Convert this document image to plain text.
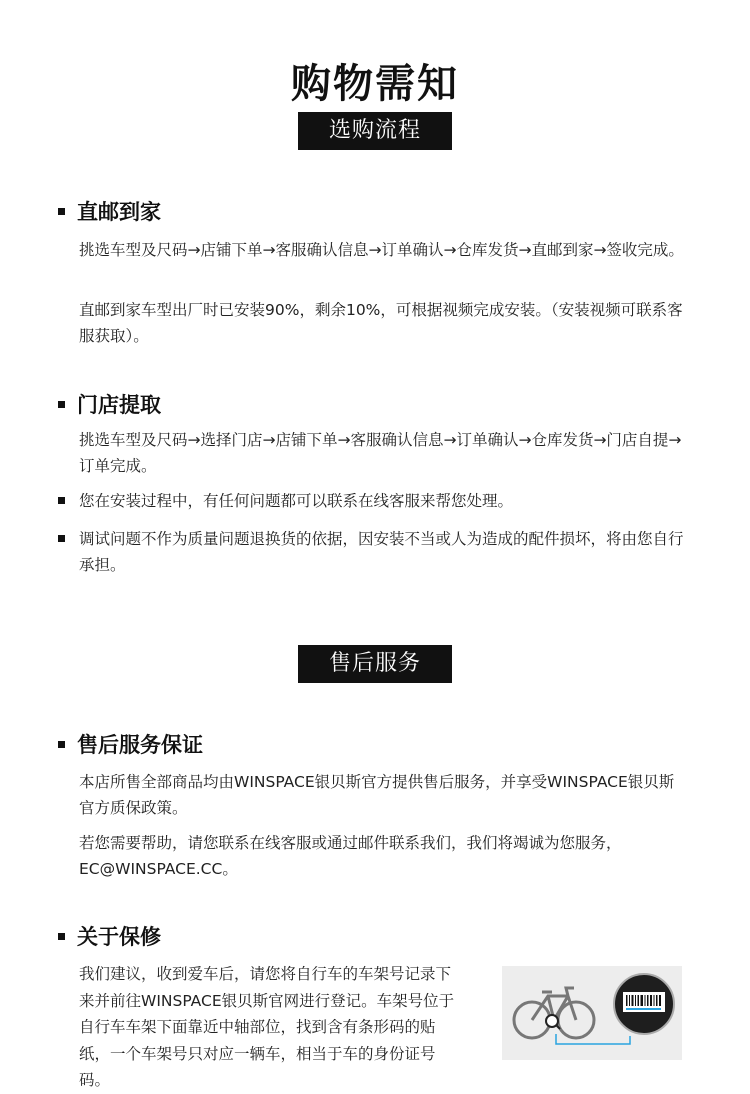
购物需知
选购流程
直邮到家
挑选车型及尺码→店铺下单→客服确认信息→订单确认→仓库发货→直邮到家→签收完成。
直邮到家车型出厂时已安装90%，剩余10%，可根据视频完成安装。（安装视频可联系客服获取）。
门店提取
挑选车型及尺码→选择门店→店铺下单→客服确认信息→订单确认→仓库发货→门店自提→订单完成。
您在安装过程中，有任何问题都可以联系在线客服来帮您处理。
调试问题不作为质量问题退换货的依据，因安装不当或人为造成的配件损坏，将由您自行承担。
售后服务
售后服务保证
本店所售全部商品均由WINSPACE银贝斯官方提供售后服务，并享受WINSPACE银贝斯官方质保政策。
若您需要帮助，请您联系在线客服或通过邮件联系我们，我们将竭诚为您服务，EC@WINSPACE.CC。
关于保修
我们建议，收到爱车后，请您将自行车的车架号记录下来并前往WINSPACE银贝斯官网进行登记。车架号位于自行车车架下面靠近中轴部位，找到含有条形码的贴纸，一个车架号只对应一辆车，相当于车的身份证号码。
